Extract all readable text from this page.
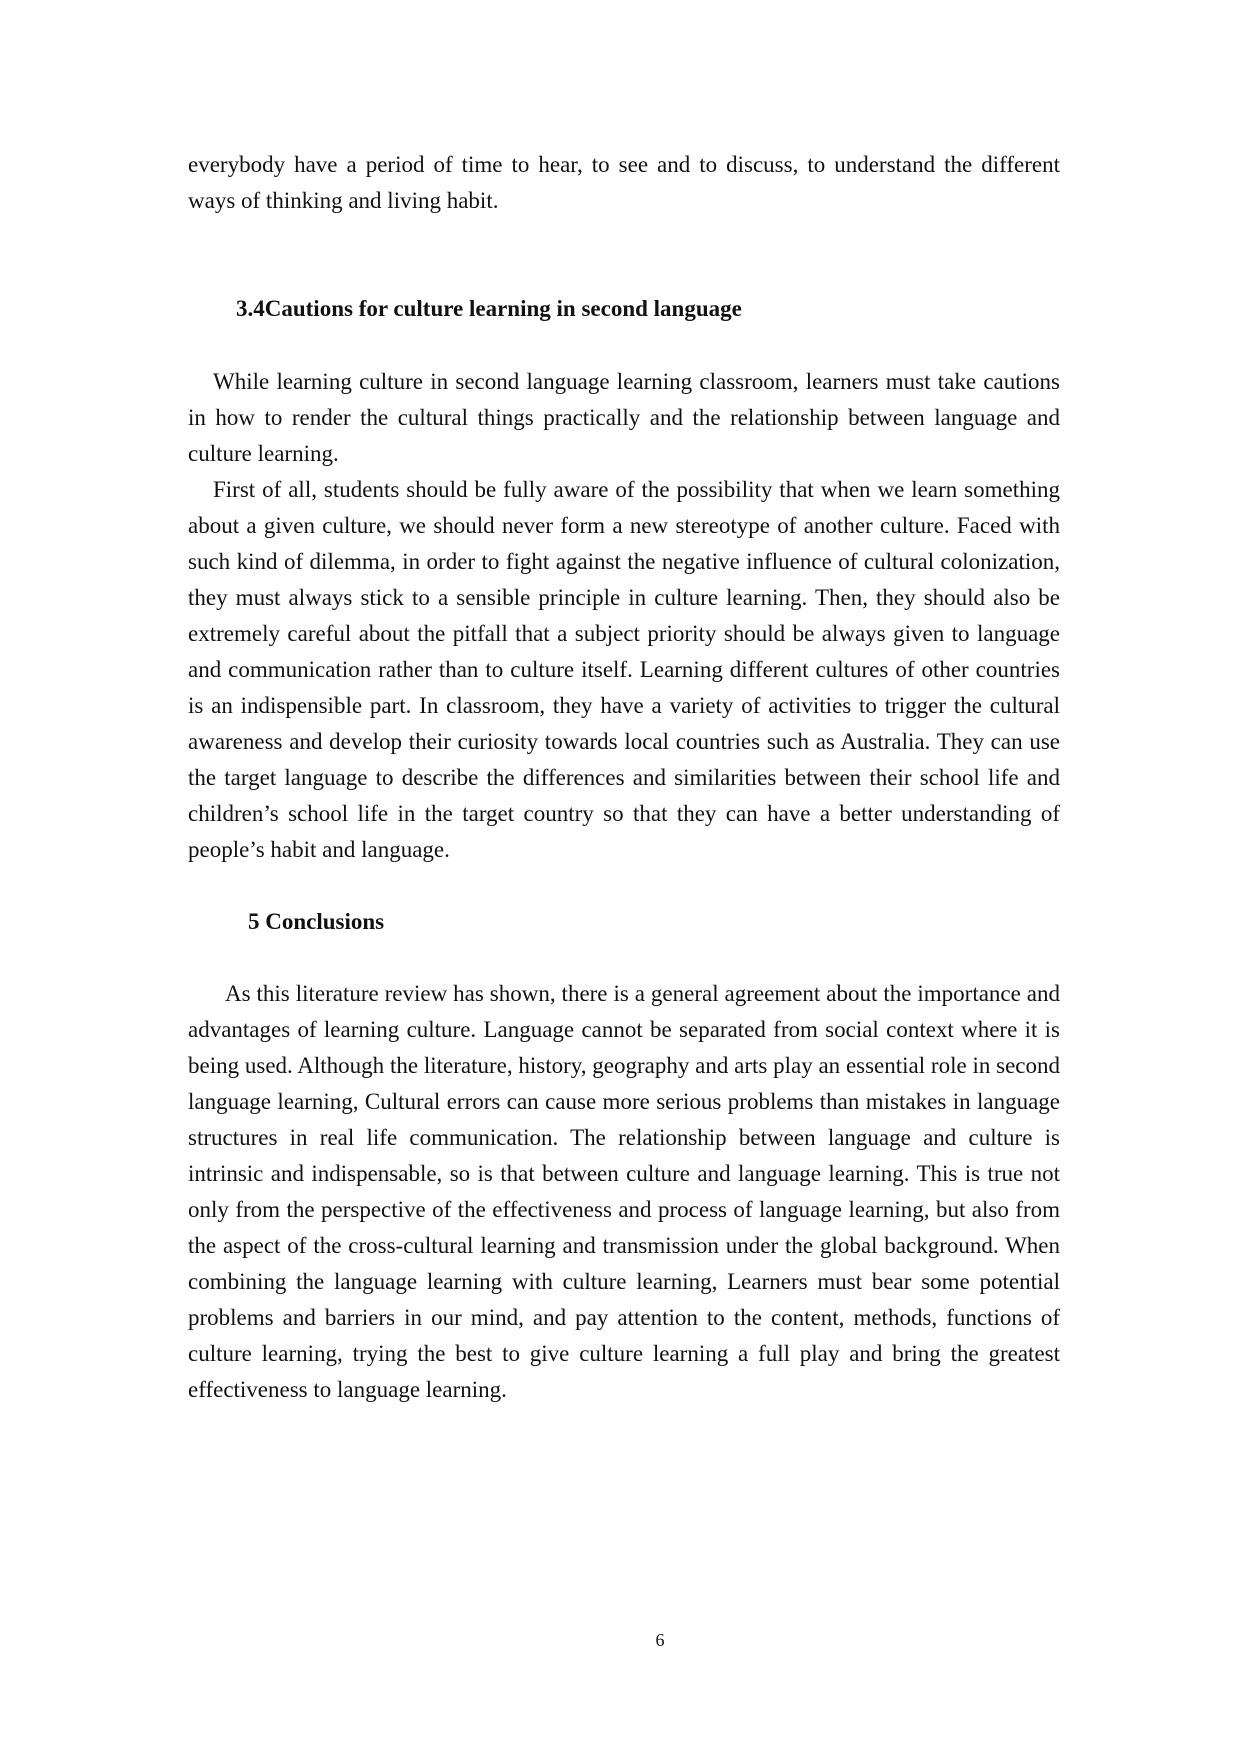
everybody have a period of time to hear, to see and to discuss, to understand the different ways of thinking and living habit.

3.4Cautions for culture learning in second language

While learning culture in second language learning classroom, learners must take cautions in how to render the cultural things practically and the relationship between language and culture learning.

First of all, students should be fully aware of the possibility that when we learn something about a given culture, we should never form a new stereotype of another culture. Faced with such kind of dilemma, in order to fight against the negative influence of cultural colonization, they must always stick to a sensible principle in culture learning. Then, they should also be extremely careful about the pitfall that a subject priority should be always given to language and communication rather than to culture itself. Learning different cultures of other countries is an indispensible part. In classroom, they have a variety of activities to trigger the cultural awareness and develop their curiosity towards local countries such as Australia. They can use the target language to describe the differences and similarities between their school life and children’s school life in the target country so that they can have a better understanding of people’s habit and language.

5 Conclusions

As this literature review has shown, there is a general agreement about the importance and advantages of learning culture. Language cannot be separated from social context where it is being used. Although the literature, history, geography and arts play an essential role in second language learning, Cultural errors can cause more serious problems than mistakes in language structures in real life communication. The relationship between language and culture is intrinsic and indispensable, so is that between culture and language learning. This is true not only from the perspective of the effectiveness and process of language learning, but also from the aspect of the cross-cultural learning and transmission under the global background. When combining the language learning with culture learning, Learners must bear some potential problems and barriers in our mind, and pay attention to the content, methods, functions of culture learning, trying the best to give culture learning a full play and bring the greatest effectiveness to language learning.

6
